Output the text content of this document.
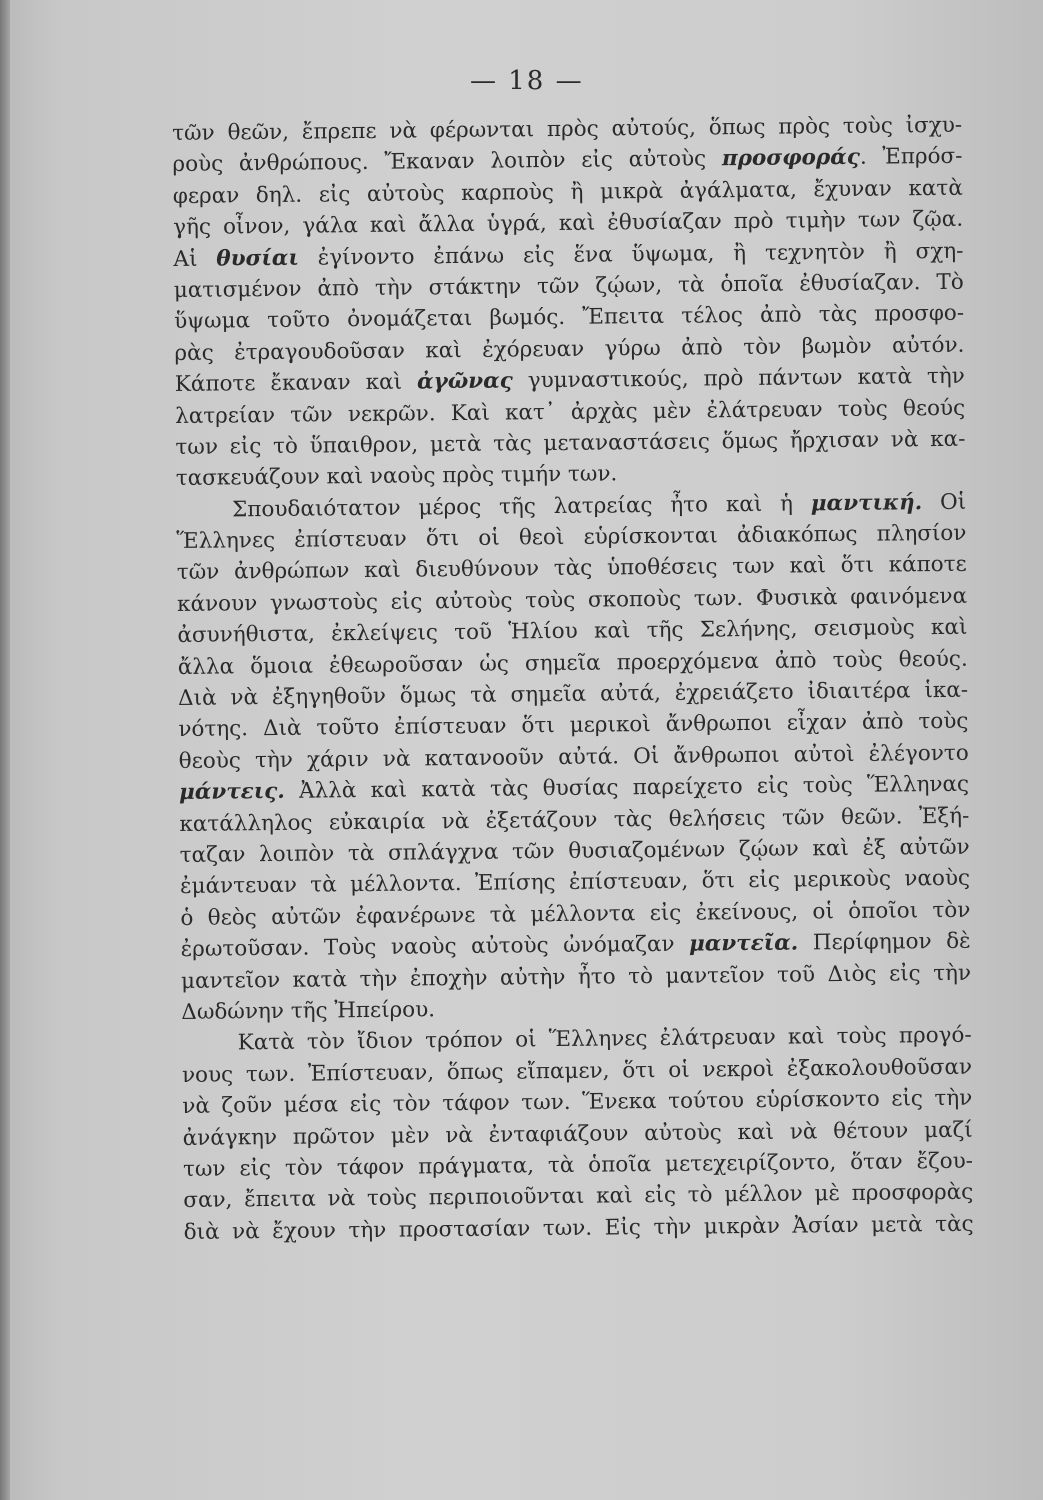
— 18 —
τῶν θεῶν, ἔπρεπε νὰ φέρωνται πρὸς αὐτούς, ὅπως πρὸς τοὺς ἰσχυ-
ροὺς ἀνθρώπους. Ἔκαναν λοιπὸν εἰς αὐτοὺς προσφοράς. Ἐπρόσ-
φεραν δηλ. εἰς αὐτοὺς καρποὺς ἢ μικρὰ ἀγάλματα, ἔχυναν κατὰ
γῆς οἶνον, γάλα καὶ ἄλλα ὑγρά, καὶ ἐθυσίαζαν πρὸ τιμὴν των ζῷα.
Αἱ θυσίαι ἐγίνοντο ἐπάνω εἰς ἕνα ὕψωμα, ἢ τεχνητὸν ἢ σχη-
ματισμένον ἀπὸ τὴν στάκτην τῶν ζῴων, τὰ ὁποῖα ἐθυσίαζαν. Τὸ
ὕψωμα τοῦτο ὀνομάζεται βωμός. Ἔπειτα τέλος ἀπὸ τὰς προσφο-
ρὰς ἐτραγουδοῦσαν καὶ ἐχόρευαν γύρω ἀπὸ τὸν βωμὸν αὐτόν.
Κάποτε ἔκαναν καὶ ἀγῶνας γυμναστικούς, πρὸ πάντων κατὰ τὴν
λατρείαν τῶν νεκρῶν. Καὶ κατ᾽ ἀρχὰς μὲν ἐλάτρευαν τοὺς θεούς
των εἰς τὸ ὕπαιθρον, μετὰ τὰς μεταναστάσεις ὅμως ἤρχισαν νὰ κα-
τασκευάζουν καὶ ναοὺς πρὸς τιμήν των.
Σπουδαιότατον μέρος τῆς λατρείας ἦτο καὶ ἡ μαντική. Οἱ
Ἕλληνες ἐπίστευαν ὅτι οἱ θεοὶ εὑρίσκονται ἀδιακόπως πλησίον
τῶν ἀνθρώπων καὶ διευθύνουν τὰς ὑποθέσεις των καὶ ὅτι κάποτε
κάνουν γνωστοὺς εἰς αὐτοὺς τοὺς σκοποὺς των. Φυσικὰ φαινόμενα
ἀσυνήθιστα, ἐκλείψεις τοῦ Ἡλίου καὶ τῆς Σελήνης, σεισμοὺς καὶ
ἄλλα ὅμοια ἐθεωροῦσαν ὡς σημεῖα προερχόμενα ἀπὸ τοὺς θεούς.
Διὰ νὰ ἐξηγηθοῦν ὅμως τὰ σημεῖα αὐτά, ἐχρειάζετο ἰδιαιτέρα ἱκα-
νότης. Διὰ τοῦτο ἐπίστευαν ὅτι μερικοὶ ἄνθρωποι εἶχαν ἀπὸ τοὺς
θεοὺς τὴν χάριν νὰ κατανοοῦν αὐτά. Οἱ ἄνθρωποι αὐτοὶ ἐλέγοντο
μάντεις. Ἀλλὰ καὶ κατὰ τὰς θυσίας παρείχετο εἰς τοὺς Ἕλληνας
κατάλληλος εὐκαιρία νὰ ἐξετάζουν τὰς θελήσεις τῶν θεῶν. Ἐξή-
ταζαν λοιπὸν τὰ σπλάγχνα τῶν θυσιαζομένων ζῴων καὶ ἐξ αὐτῶν
ἐμάντευαν τὰ μέλλοντα. Ἐπίσης ἐπίστευαν, ὅτι εἰς μερικοὺς ναοὺς
ὁ θεὸς αὐτῶν ἐφανέρωνε τὰ μέλλοντα εἰς ἐκείνους, οἱ ὁποῖοι τὸν
ἐρωτοῦσαν. Τοὺς ναοὺς αὐτοὺς ὠνόμαζαν μαντεῖα. Περίφημον δὲ
μαντεῖον κατὰ τὴν ἐποχὴν αὐτὴν ἦτο τὸ μαντεῖον τοῦ Διὸς εἰς τὴν
Δωδώνην τῆς Ἠπείρου.
Κατὰ τὸν ἴδιον τρόπον οἱ Ἕλληνες ἐλάτρευαν καὶ τοὺς προγό-
νους των. Ἐπίστευαν, ὅπως εἴπαμεν, ὅτι οἱ νεκροὶ ἐξακολουθοῦσαν
νὰ ζοῦν μέσα εἰς τὸν τάφον των. Ἕνεκα τούτου εὑρίσκοντο εἰς τὴν
ἀνάγκην πρῶτον μὲν νὰ ἐνταφιάζουν αὐτοὺς καὶ νὰ θέτουν μαζί
των εἰς τὸν τάφον πράγματα, τὰ ὁποῖα μετεχειρίζοντο, ὅταν ἔζου-
σαν, ἔπειτα νὰ τοὺς περιποιοῦνται καὶ εἰς τὸ μέλλον μὲ προσφορὰς
διὰ νὰ ἔχουν τὴν προστασίαν των. Εἰς τὴν μικρὰν Ἀσίαν μετὰ τὰς
